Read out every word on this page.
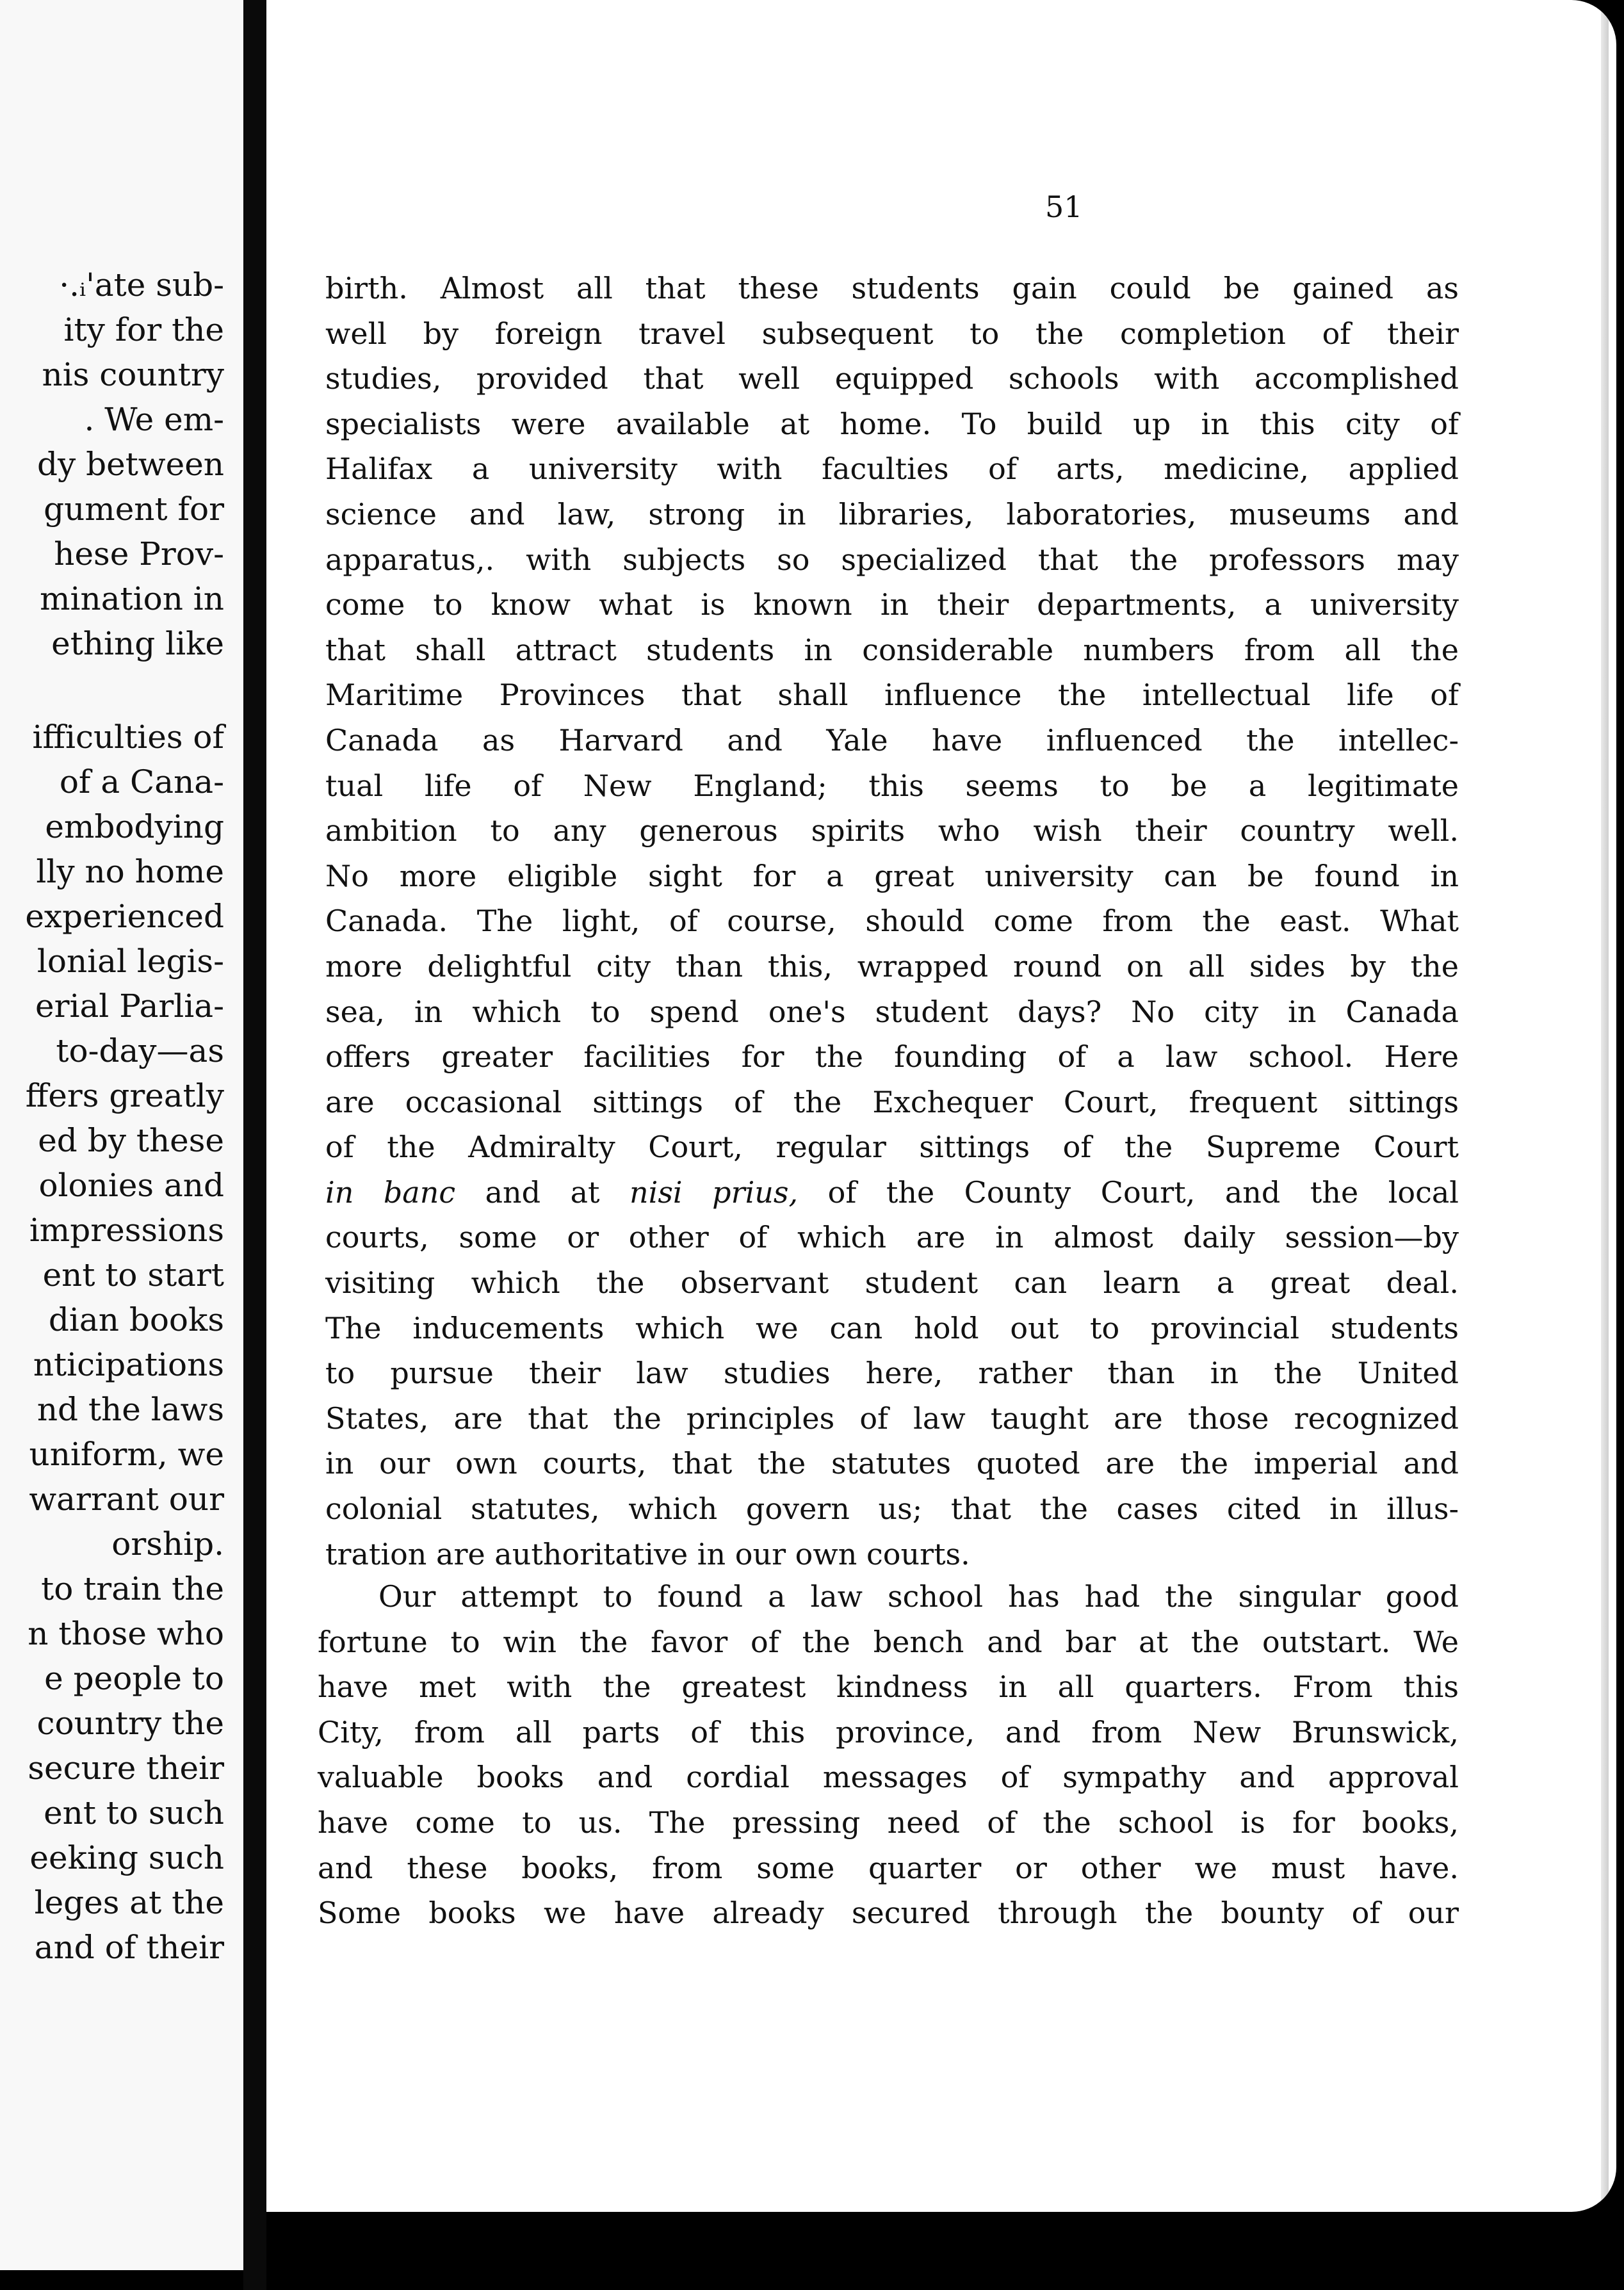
·.ᵢ'ate sub-
ity for the
nis country
. We em-
dy between
gument for
hese Prov-
mination in
ething like
ifficulties of
of a Cana-
embodying
lly no home
experienced
lonial legis-
erial Parlia-
to-day—as
ffers greatly
ed by these
olonies and
impressions
ent to start
dian books
nticipations
nd the laws
uniform, we
warrant our
orship.
to train the
n those who
e people to
country the
secure their
ent to such
eeking such
leges at the
and of their
51
birth. Almost all that these students gain could be gained as
well by foreign travel subsequent to the completion of their
studies, provided that well equipped schools with accomplished
specialists were available at home. To build up in this city of
Halifax a university with faculties of arts, medicine, applied
science and law, strong in libraries, laboratories, museums and
apparatus,. with subjects so specialized that the professors may
come to know what is known in their departments, a university
that shall attract students in considerable numbers from all the
Maritime Provinces that shall influence the intellectual life of
Canada as Harvard and Yale have influenced the intellec-
tual life of New England; this seems to be a legitimate
ambition to any generous spirits who wish their country well.
No more eligible sight for a great university can be found in
Canada. The light, of course, should come from the east. What
more delightful city than this, wrapped round on all sides by the
sea, in which to spend one's student days? No city in Canada
offers greater facilities for the founding of a law school. Here
are occasional sittings of the Exchequer Court, frequent sittings
of the Admiralty Court, regular sittings of the Supreme Court
in banc and at nisi prius, of the County Court, and the local
courts, some or other of which are in almost daily session—by
visiting which the observant student can learn a great deal.
The inducements which we can hold out to provincial students
to pursue their law studies here, rather than in the United
States, are that the principles of law taught are those recognized
in our own courts, that the statutes quoted are the imperial and
colonial statutes, which govern us; that the cases cited in illus-
tration are authoritative in our own courts.
Our attempt to found a law school has had the singular good
fortune to win the favor of the bench and bar at the outstart. We
have met with the greatest kindness in all quarters. From this
City, from all parts of this province, and from New Brunswick,
valuable books and cordial messages of sympathy and approval
have come to us. The pressing need of the school is for books,
and these books, from some quarter or other we must have.
Some books we have already secured through the bounty of our
